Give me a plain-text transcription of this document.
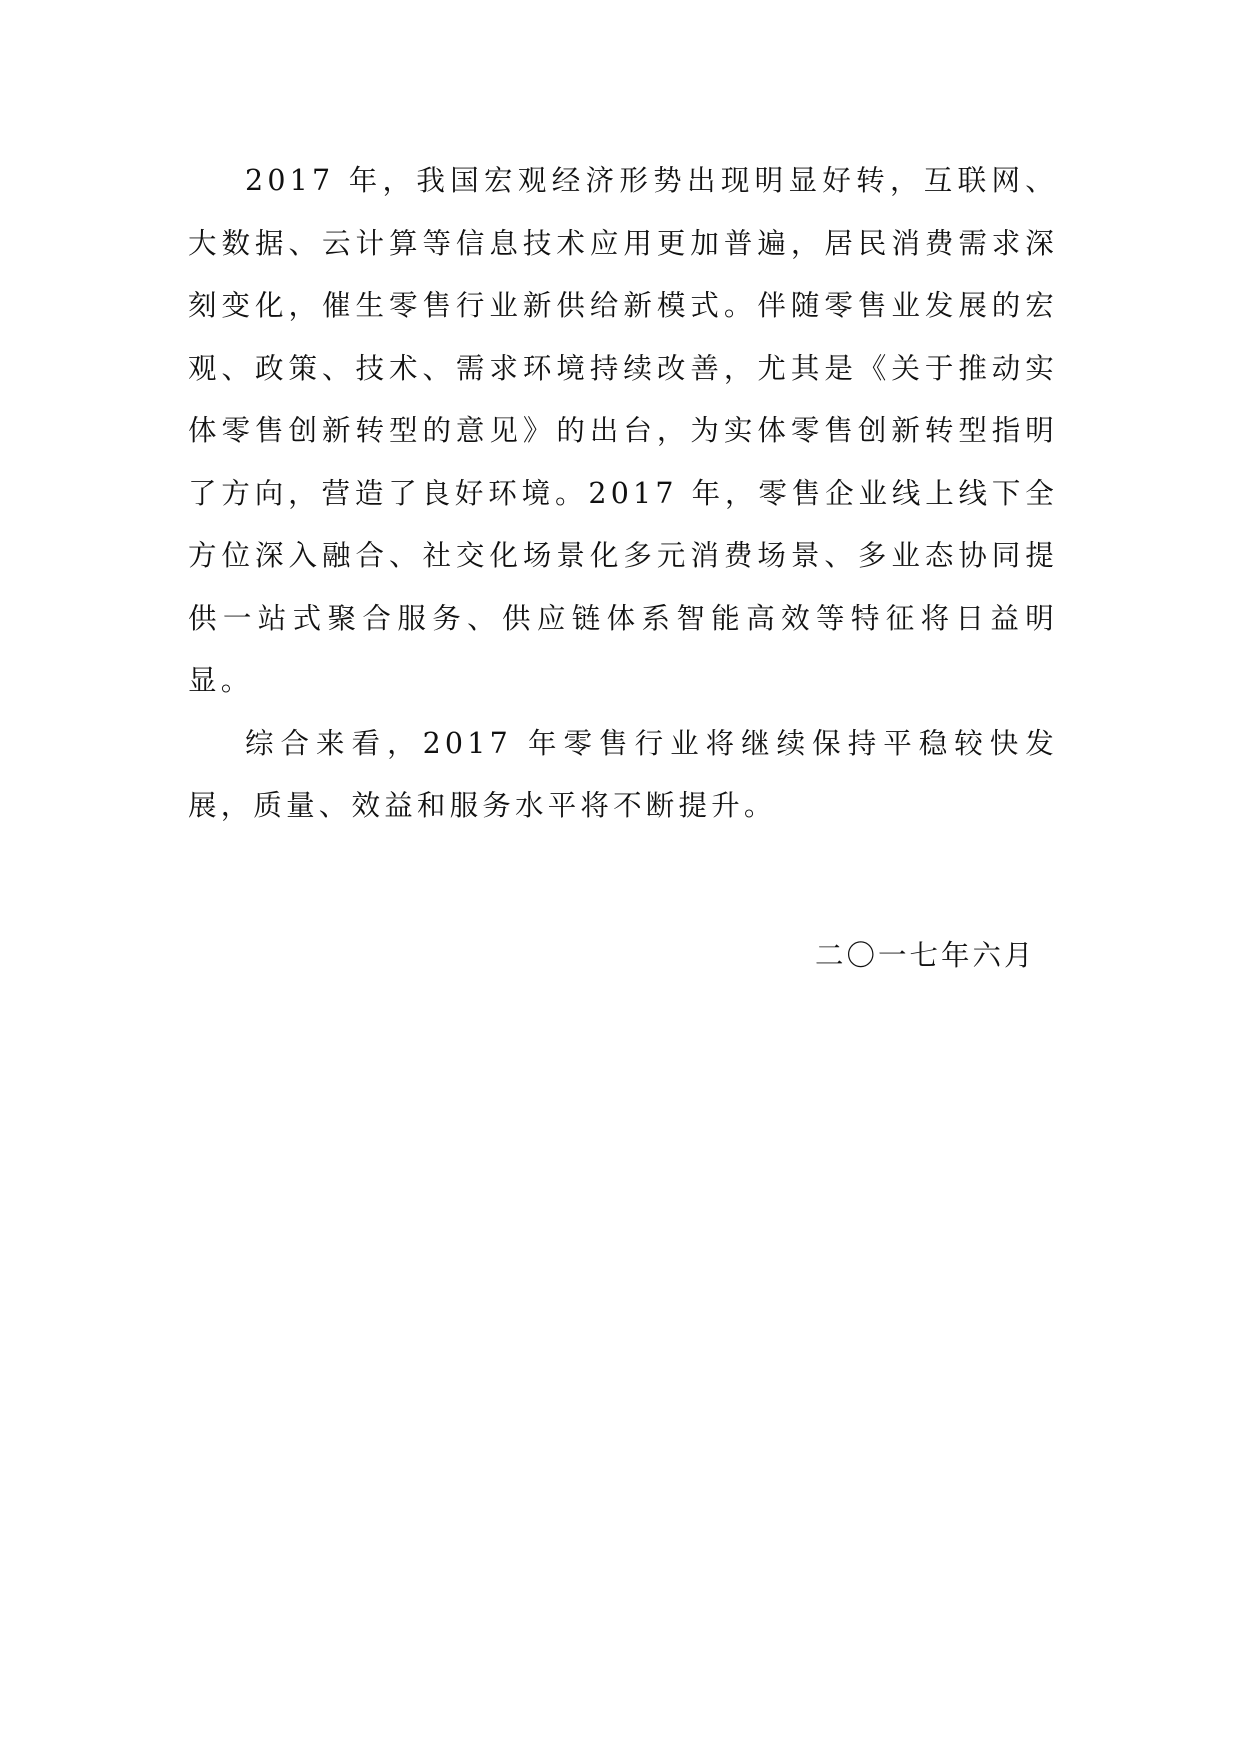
2017 年，我国宏观经济形势出现明显好转，互联网、大数据、云计算等信息技术应用更加普遍，居民消费需求深刻变化，催生零售行业新供给新模式。伴随零售业发展的宏观、政策、技术、需求环境持续改善，尤其是《关于推动实体零售创新转型的意见》的出台，为实体零售创新转型指明了方向，营造了良好环境。2017 年，零售企业线上线下全方位深入融合、社交化场景化多元消费场景、多业态协同提供一站式聚合服务、供应链体系智能高效等特征将日益明显。

综合来看，2017 年零售行业将继续保持平稳较快发展，质量、效益和服务水平将不断提升。

二〇一七年六月
